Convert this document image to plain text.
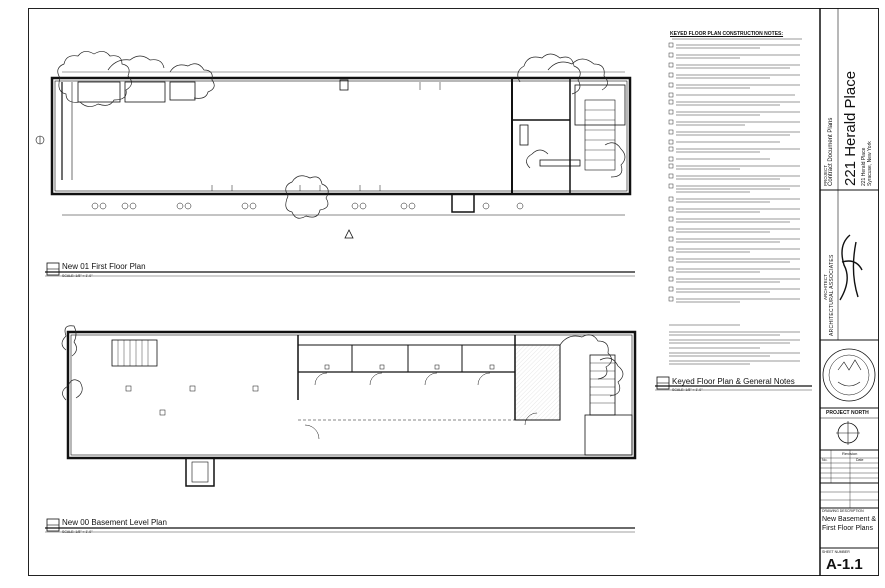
New 01 First Floor Plan
SCALE: 1/8" = 1'-0"
New 00 Basement Level Plan
SCALE: 1/8" = 1'-0"
Keyed Floor Plan & General Notes
SCALE: 1/8" = 1'-0"
KEYED FLOOR PLAN CONSTRUCTION NOTES:
PROJECT Contract Document Plans 221 Herald Place 221 Herald Place Syracuse, New York
ARCHITECT ARCHITECTURAL ASSOCIATES
PROJECT NORTH
Revision
No.	Date
DRAWING DESCRIPTION
New Basement & First Floor Plans
SHEET NUMBER
A-1.1
